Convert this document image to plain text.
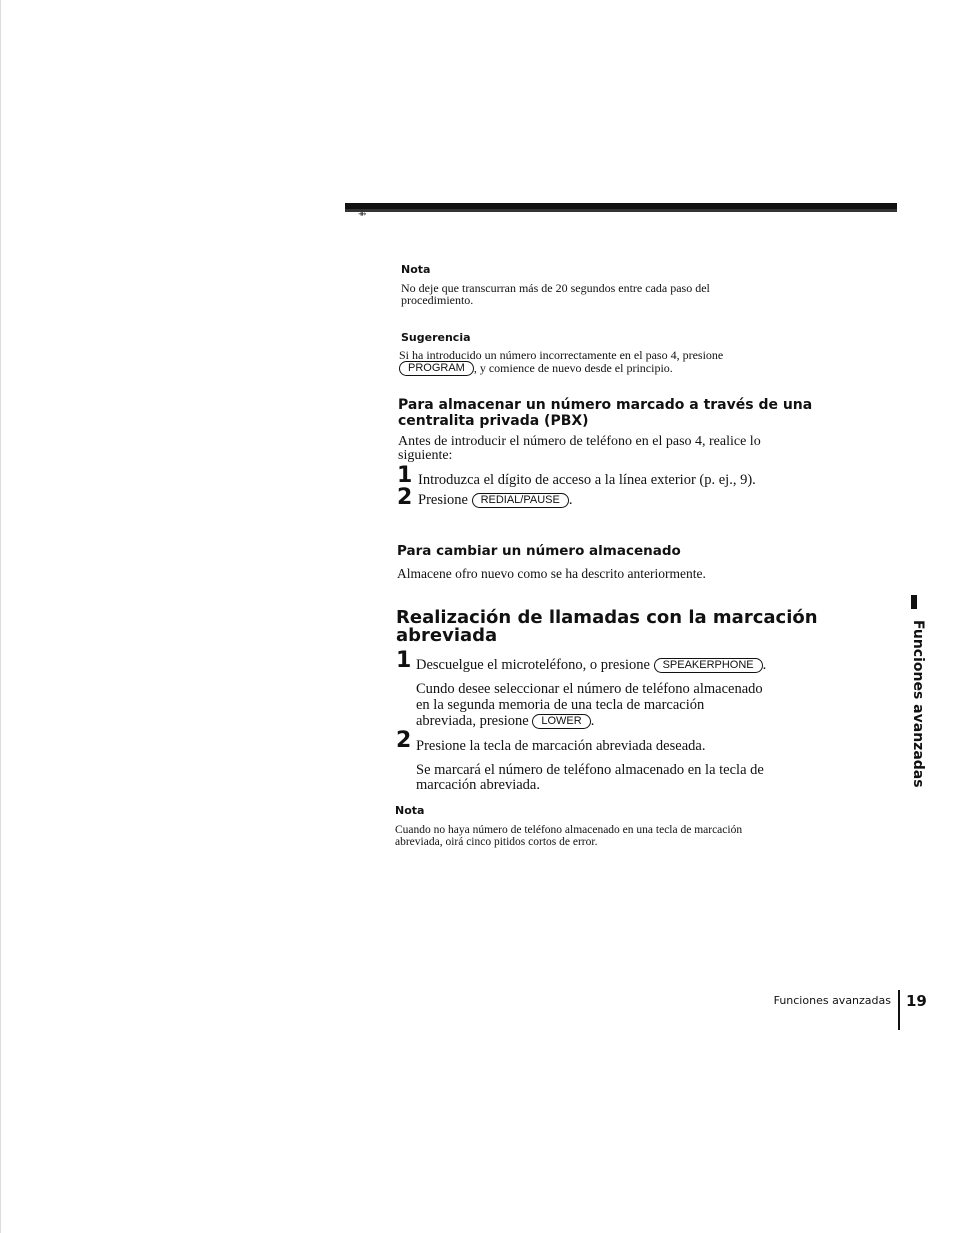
⇻
Nota
No deje que transcurran más de 20 segundos entre cada paso del
procedimiento.
Sugerencia
Si ha introducido un número incorrectamente en el paso 4, presione
PROGRAM , y comience de nuevo desde el principio.
Para almacenar un número marcado a través de una
centralita privada (PBX)
Antes de introducir el número de teléfono en el paso 4, realice lo
siguiente:
1 Introduzca el dígito de acceso a la línea exterior (p. ej., 9).
2 Presione REDIAL/PAUSE .
Para cambiar un número almacenado
Almacene ofro nuevo como se ha descrito anteriormente.
Realización de llamadas con la marcación
abreviada
1 Descuelgue el microteléfono, o presione SPEAKERPHONE .
Cundo desee seleccionar el número de teléfono almacenado
en la segunda memoria de una tecla de marcación
abreviada, presione LOWER .
2 Presione la tecla de marcación abreviada deseada.
Se marcará el número de teléfono almacenado en la tecla de
marcación abreviada.
Nota
Cuando no haya número de teléfono almacenado en una tecla de marcación
abreviada, oirá cinco pitidos cortos de error.
Funciones avanzadas
Funciones avanzadas 19
